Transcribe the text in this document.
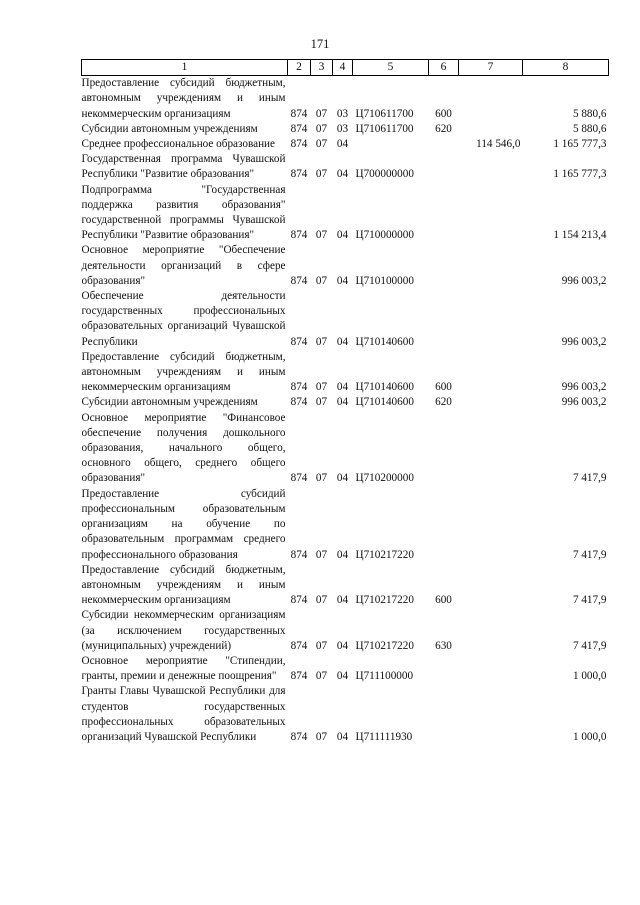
171
1	2	3	4	5	6	7	8
Предоставление субсидий бюджетным, автономным учреждениям и иным некоммерческим организациям	874	07	03	Ц710611700	600		5 880,6
Субсидии автономным учреждениям	874	07	03	Ц710611700	620		5 880,6
Среднее профессиональное образование	874	07	04			114 546,0	1 165 777,3
Государственная программа Чувашской Республики "Развитие образования"	874	07	04	Ц700000000			1 165 777,3
Подпрограмма "Государственная поддержка развития образования" государственной программы Чувашской Республики "Развитие образования"	874	07	04	Ц710000000			1 154 213,4
Основное мероприятие "Обеспечение деятельности организаций в сфере образования"	874	07	04	Ц710100000			996 003,2
Обеспечение деятельности государственных профессиональных образовательных организаций Чувашской Республики	874	07	04	Ц710140600			996 003,2
Предоставление субсидий бюджетным, автономным учреждениям и иным некоммерческим организациям	874	07	04	Ц710140600	600		996 003,2
Субсидии автономным учреждениям	874	07	04	Ц710140600	620		996 003,2
Основное мероприятие "Финансовое обеспечение получения дошкольного образования, начального общего, основного общего, среднего общего образования"	874	07	04	Ц710200000			7 417,9
Предоставление субсидий профессиональным образовательным организациям на обучение по образовательным программам среднего профессионального образования	874	07	04	Ц710217220			7 417,9
Предоставление субсидий бюджетным, автономным учреждениям и иным некоммерческим организациям	874	07	04	Ц710217220	600		7 417,9
Субсидии некоммерческим организациям (за исключением государственных (муниципальных) учреждений)	874	07	04	Ц710217220	630		7 417,9
Основное мероприятие "Стипендии, гранты, премии и денежные поощрения"	874	07	04	Ц711100000			1 000,0
Гранты Главы Чувашской Республики для студентов государственных профессиональных образовательных организаций Чувашской Республики	874	07	04	Ц711111930			1 000,0
